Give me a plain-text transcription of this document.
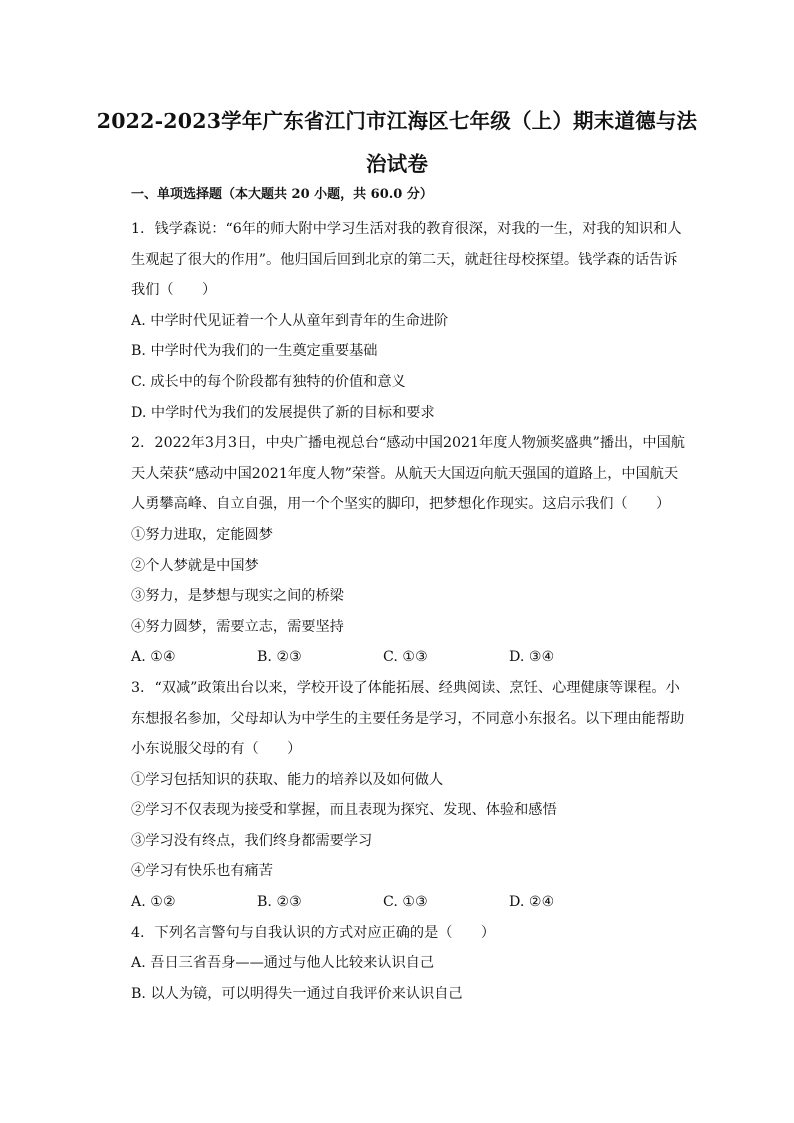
2022-2023学年广东省江门市江海区七年级（上）期末道德与法
治试卷
一、单项选择题（本大题共 20 小题，共 60.0 分）
1. 钱学森说：“6年的师大附中学习生活对我的教育很深，对我的一生，对我的知识和人生观起了很大的作用”。他归国后回到北京的第二天，就赶往母校探望。钱学森的话告诉我们（　　）
A. 中学时代见证着一个人从童年到青年的生命进阶
B. 中学时代为我们的一生奠定重要基础
C. 成长中的每个阶段都有独特的价值和意义
D. 中学时代为我们的发展提供了新的目标和要求
2. 2022年3月3日，中央广播电视总台“感动中国2021年度人物颁奖盛典”播出，中国航天人荣获“感动中国2021年度人物”荣誉。从航天大国迈向航天强国的道路上，中国航天人勇攀高峰、自立自强，用一个个坚实的脚印，把梦想化作现实。这启示我们（　　）
①努力进取，定能圆梦
②个人梦就是中国梦
③努力，是梦想与现实之间的桥梁
④努力圆梦，需要立志，需要坚持
A. ①④	B. ②③	C. ①③	D. ③④
3. “双减”政策出台以来，学校开设了体能拓展、经典阅读、烹饪、心理健康等课程。小东想报名参加，父母却认为中学生的主要任务是学习，不同意小东报名。以下理由能帮助小东说服父母的有（　　）
①学习包括知识的获取、能力的培养以及如何做人
②学习不仅表现为接受和掌握，而且表现为探究、发现、体验和感悟
③学习没有终点，我们终身都需要学习
④学习有快乐也有痛苦
A. ①②	B. ②③	C. ①③	D. ②④
4. 下列名言警句与自我认识的方式对应正确的是（　　）
A. 吾日三省吾身——通过与他人比较来认识自己
B. 以人为镜，可以明得失一通过自我评价来认识自己
